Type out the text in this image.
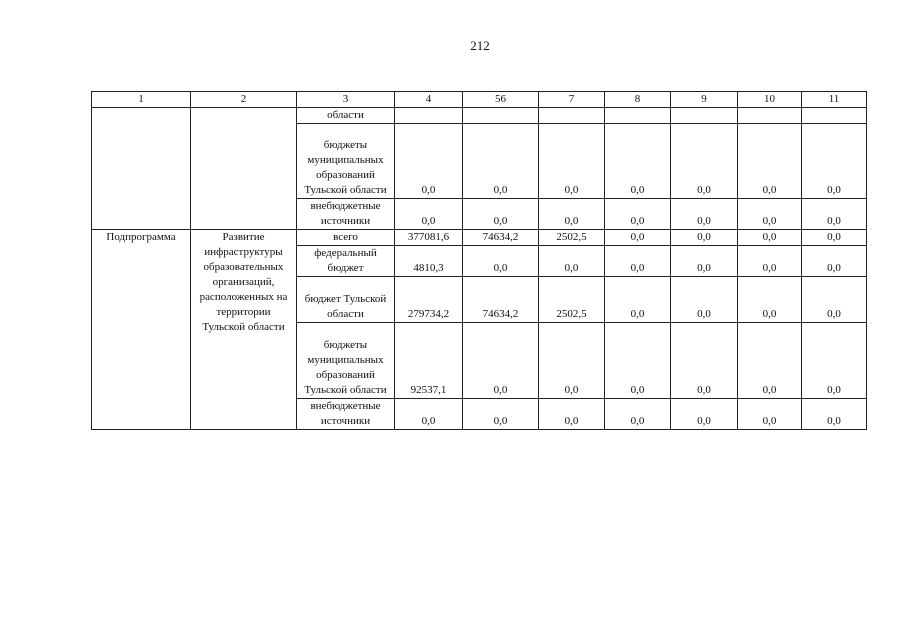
212
1	2	3	4	56	7	8	9	10	11
		области							
		бюджеты муниципальных образований Тульской области	0,0	0,0	0,0	0,0	0,0	0,0	0,0
		внебюджетные источники	0,0	0,0	0,0	0,0	0,0	0,0	0,0
Подпрограмма	Развитие инфраструктуры образовательных организаций, расположенных на территории Тульской области	всего	377081,6	74634,2	2502,5	0,0	0,0	0,0	0,0
		федеральный бюджет	4810,3	0,0	0,0	0,0	0,0	0,0	0,0
		бюджет Тульской области	279734,2	74634,2	2502,5	0,0	0,0	0,0	0,0
		бюджеты муниципальных образований Тульской области	92537,1	0,0	0,0	0,0	0,0	0,0	0,0
		внебюджетные источники	0,0	0,0	0,0	0,0	0,0	0,0	0,0
